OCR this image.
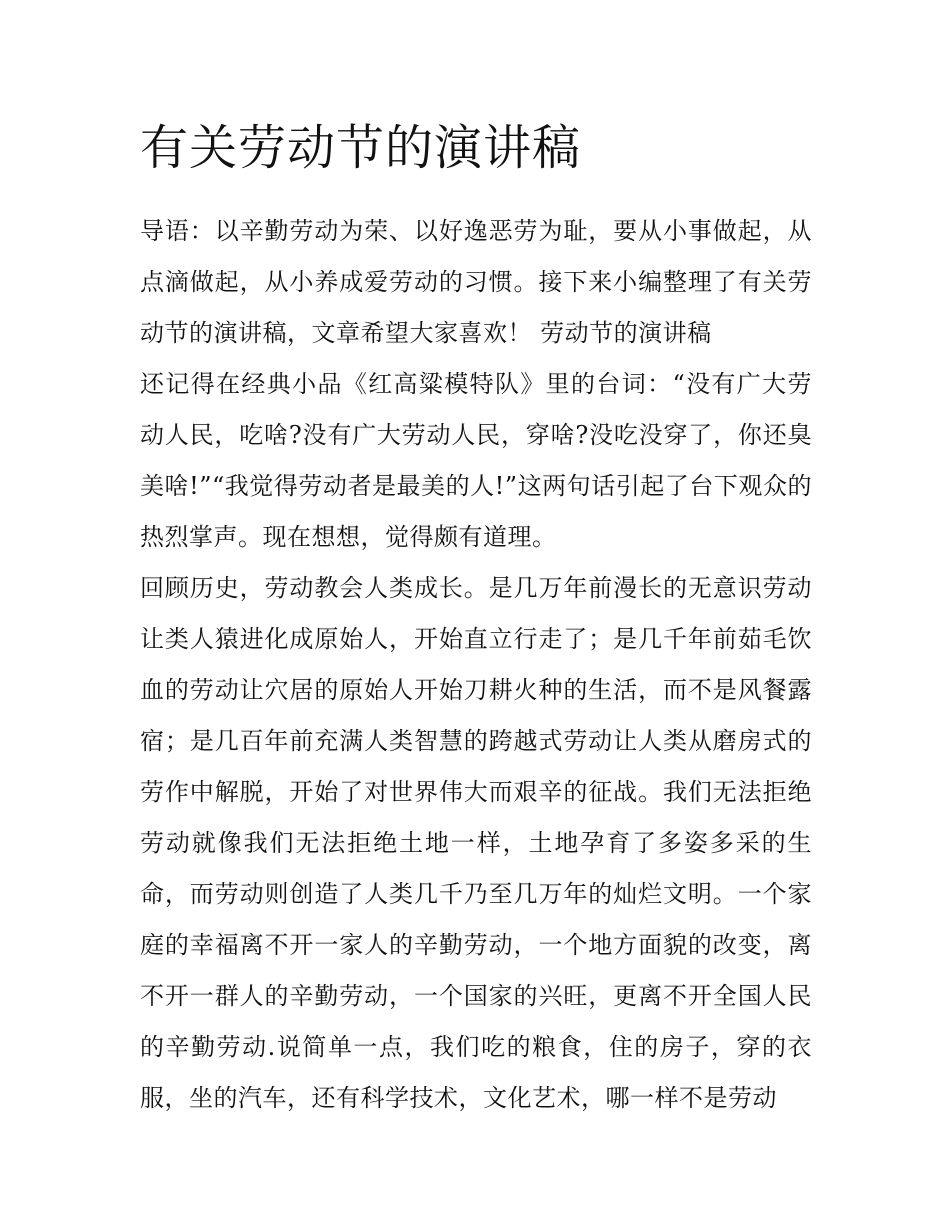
有关劳动节的演讲稿

导语：以辛勤劳动为荣、以好逸恶劳为耻，要从小事做起，从点滴做起，从小养成爱劳动的习惯。接下来小编整理了有关劳动节的演讲稿，文章希望大家喜欢！ 劳动节的演讲稿

还记得在经典小品《红高粱模特队》里的台词：“没有广大劳动人民，吃啥?没有广大劳动人民，穿啥?没吃没穿了，你还臭美啥!”“我觉得劳动者是最美的人!”这两句话引起了台下观众的热烈掌声。现在想想，觉得颇有道理。

回顾历史，劳动教会人类成长。是几万年前漫长的无意识劳动让类人猿进化成原始人，开始直立行走了；是几千年前茹毛饮血的劳动让穴居的原始人开始刀耕火种的生活，而不是风餐露宿；是几百年前充满人类智慧的跨越式劳动让人类从磨房式的劳作中解脱，开始了对世界伟大而艰辛的征战。我们无法拒绝劳动就像我们无法拒绝土地一样，土地孕育了多姿多采的生命，而劳动则创造了人类几千乃至几万年的灿烂文明。一个家庭的幸福离不开一家人的辛勤劳动，一个地方面貌的改变，离不开一群人的辛勤劳动，一个国家的兴旺，更离不开全国人民的辛勤劳动.说简单一点，我们吃的粮食，住的房子，穿的衣服，坐的汽车，还有科学技术，文化艺术，哪一样不是劳动
